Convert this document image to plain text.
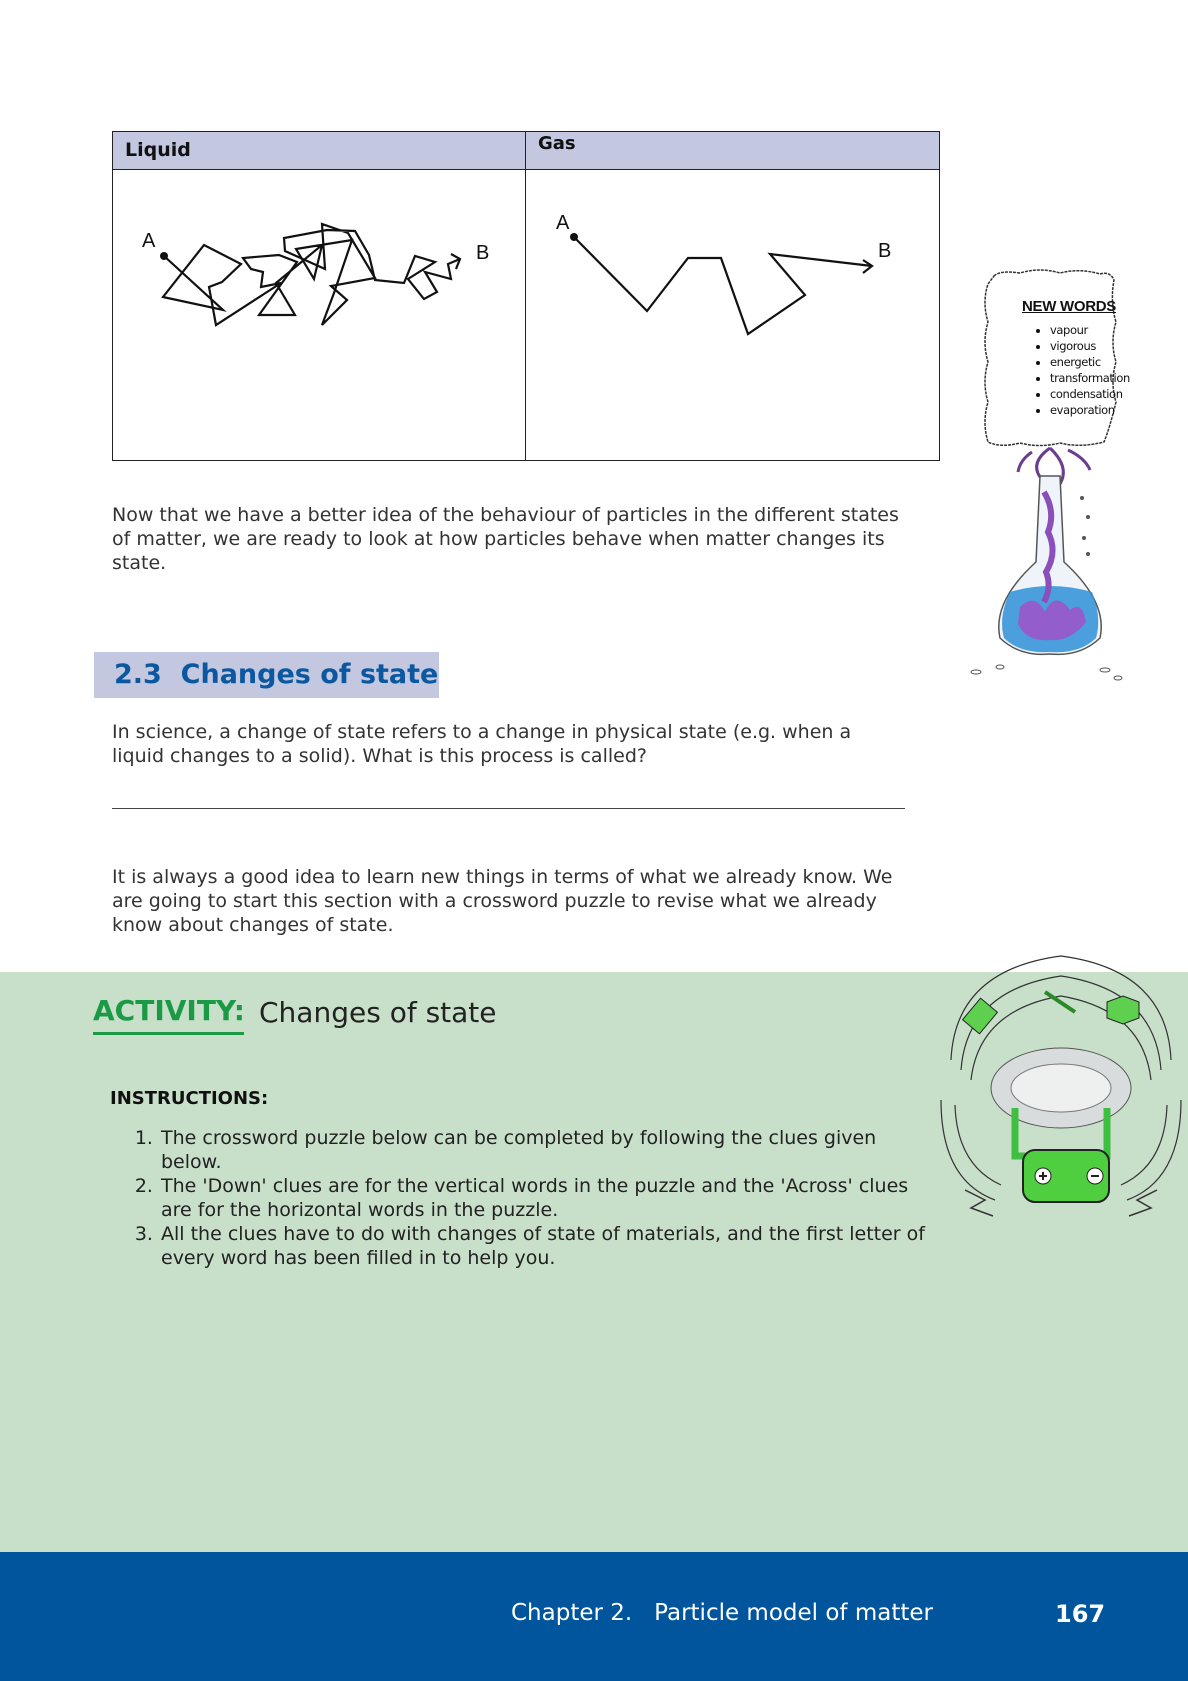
Liquid	Gas
A
B
A
B
NEW WORDS
• vapour
• vigorous
• energetic
• transformation
• condensation
• evaporation
Now that we have a better idea of the behaviour of particles in the different states of matter, we are ready to look at how particles behave when matter changes its state.
2.3 Changes of state
In science, a change of state refers to a change in physical state (e.g. when a liquid changes to a solid). What is this process is called?
It is always a good idea to learn new things in terms of what we already know. We are going to start this section with a crossword puzzle to revise what we already know about changes of state.
ACTIVITY: Changes of state
INSTRUCTIONS:
1. The crossword puzzle below can be completed by following the clues given below.
2. The 'Down' clues are for the vertical words in the puzzle and the 'Across' clues are for the horizontal words in the puzzle.
3. All the clues have to do with changes of state of materials, and the first letter of every word has been filled in to help you.
Chapter 2.   Particle model of matter	167
